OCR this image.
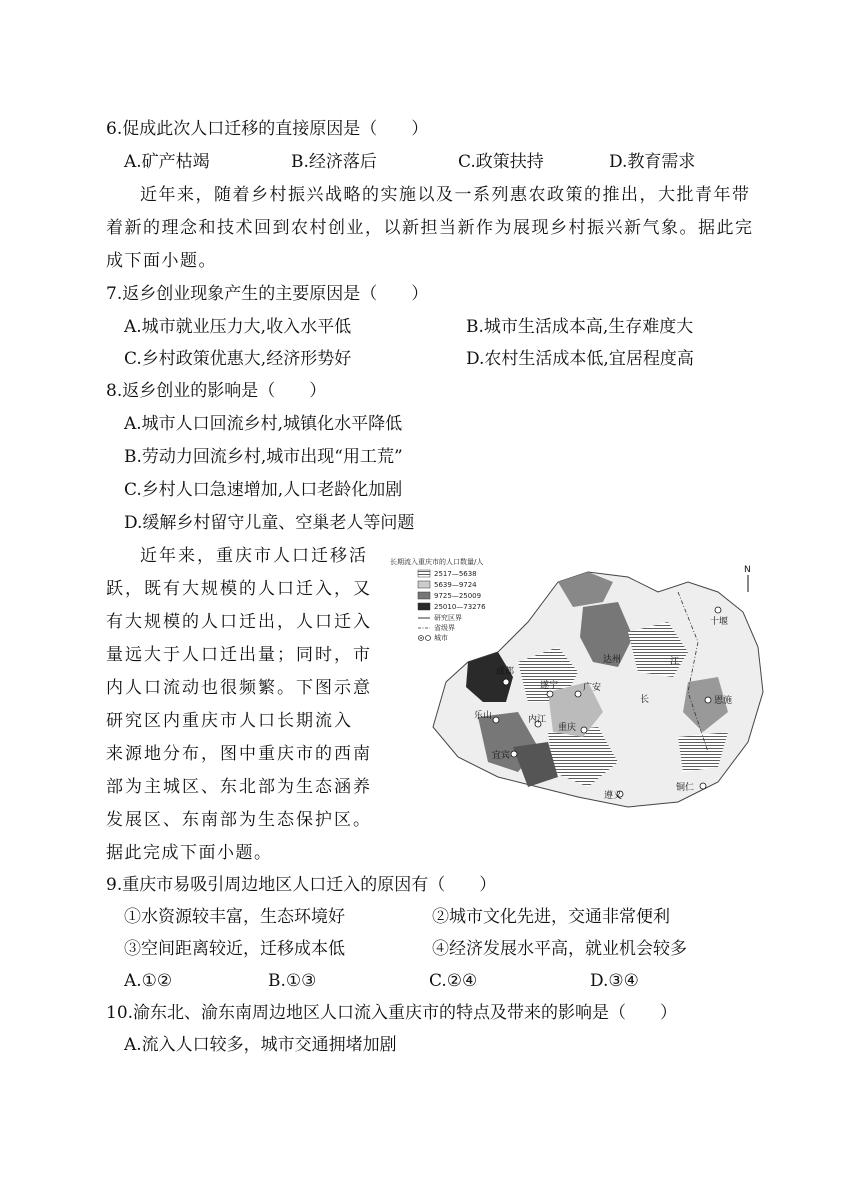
6.促成此次人口迁移的直接原因是（　　）
A.矿产枯竭	B.经济落后	C.政策扶持	D.教育需求
近年来，随着乡村振兴战略的实施以及一系列惠农政策的推出，大批青年带
着新的理念和技术回到农村创业，以新担当新作为展现乡村振兴新气象。据此完
成下面小题。
7.返乡创业现象产生的主要原因是（　　）
A.城市就业压力大,收入水平低	B.城市生活成本高,生存难度大
C.乡村政策优惠大,经济形势好	D.农村生活成本低,宜居程度高
8.返乡创业的影响是（　　）
A.城市人口回流乡村,城镇化水平降低
B.劳动力回流乡村,城市出现“用工荒”
C.乡村人口急速增加,人口老龄化加剧
D.缓解乡村留守儿童、空巢老人等问题
近年来，重庆市人口迁移活
跃，既有大规模的人口迁入，又
有大规模的人口迁出，人口迁入
量远大于人口迁出量；同时，市
内人口流动也很频繁。下图示意
研究区内重庆市人口长期流入
来源地分布，图中重庆市的西南
部为主城区、东北部为生态涵养
发展区、东南部为生态保护区。
据此完成下面小题。
长期流入重庆市的人口数量/人
2517—5638
5639—9724
9725—25009
25010—73276
研究区界
省级界
城市
N
十堰
达州
成都
遂宁	广安
乐山	内江
重庆
宜宾
恩施
遵义
铜仁
江
长
9.重庆市易吸引周边地区人口迁入的原因有（　　）
①水资源较丰富，生态环境好	②城市文化先进，交通非常便利
③空间距离较近，迁移成本低	④经济发展水平高，就业机会较多
A.①②	B.①③	C.②④	D.③④
10.渝东北、渝东南周边地区人口流入重庆市的特点及带来的影响是（　　）
A.流入人口较多，城市交通拥堵加剧
